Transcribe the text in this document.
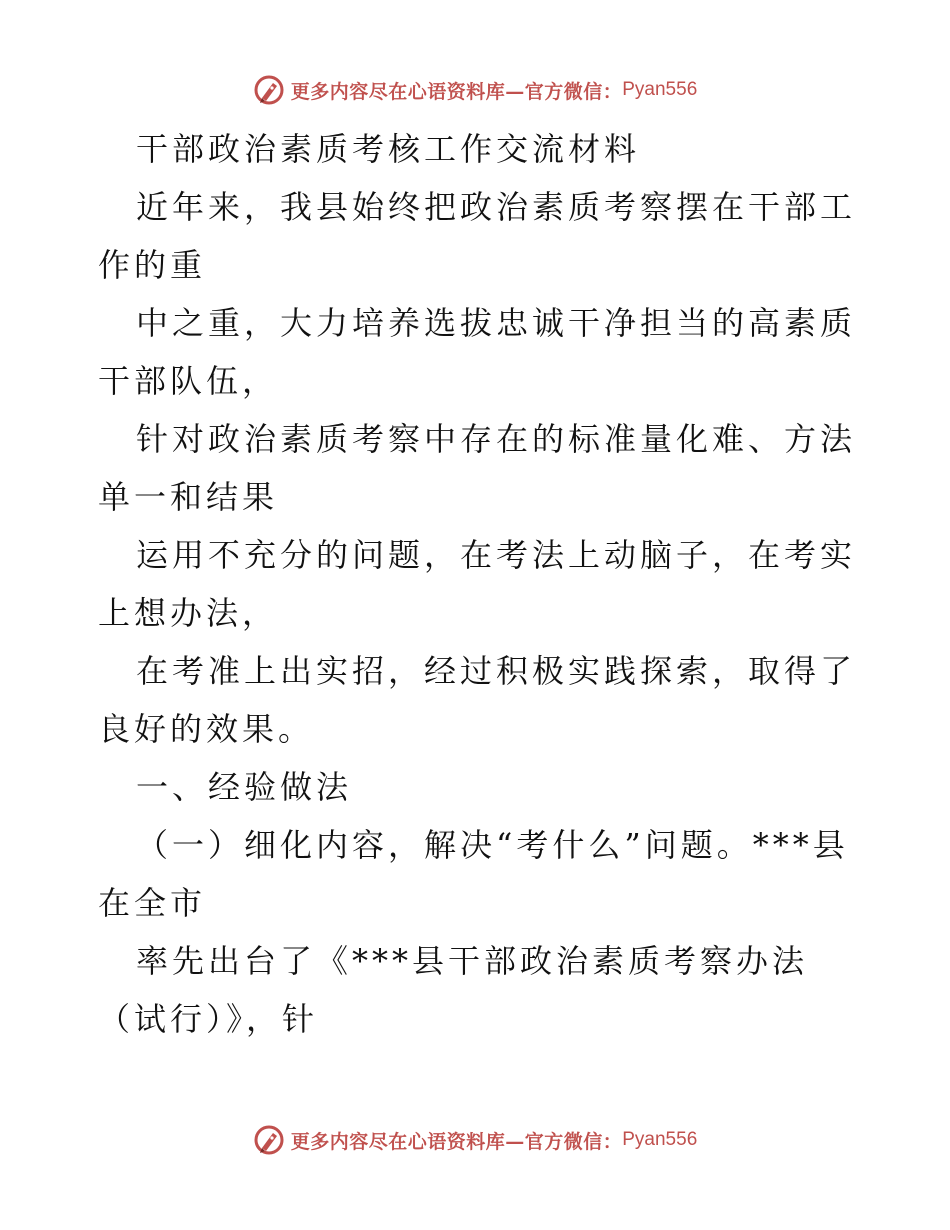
更多内容尽在心语资料库—官方微信： Pyan556

干部政治素质考核工作交流材料

近年来，我县始终把政治素质考察摆在干部工作的重

中之重，大力培养选拔忠诚干净担当的高素质干部队伍，

针对政治素质考察中存在的标准量化难、方法单一和结果

运用不充分的问题，在考法上动脑子，在考实上想办法，

在考准上出实招，经过积极实践探索，取得了良好的效果。

一、经验做法

（一）细化内容，解决“考什么”问题。***县在全市

率先出台了《***县干部政治素质考察办法（试行）》，针

更多内容尽在心语资料库—官方微信： Pyan556
